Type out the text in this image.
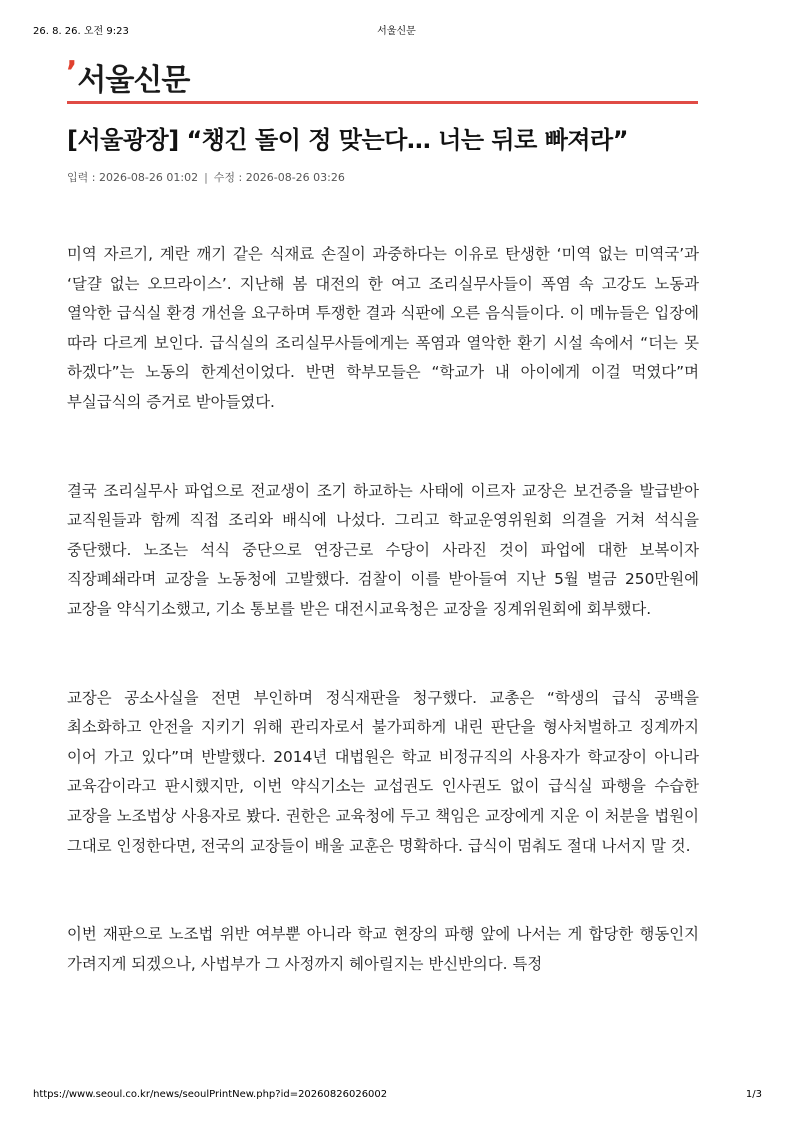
26. 8. 26. 오전 9:23	서울신문
’서울신문
[서울광장] “챙긴 돌이 정 맞는다… 너는 뒤로 빠져라”
입력 : 2026-08-26 01:02 | 수정 : 2026-08-26 03:26

미역 자르기, 계란 깨기 같은 식재료 손질이 과중하다는 이유로 탄생한 ‘미역 없는 미역국’과 ‘달걀 없는 오므라이스’. 지난해 봄 대전의 한 여고 조리실무사들이 폭염 속 고강도 노동과 열악한 급식실 환경 개선을 요구하며 투쟁한 결과 식판에 오른 음식들이다. 이 메뉴들은 입장에 따라 다르게 보인다. 급식실의 조리실무사들에게는 폭염과 열악한 환기 시설 속에서 “더는 못 하겠다”는 노동의 한계선이었다. 반면 학부모들은 “학교가 내 아이에게 이걸 먹였다”며 부실급식의 증거로 받아들였다.

결국 조리실무사 파업으로 전교생이 조기 하교하는 사태에 이르자 교장은 보건증을 발급받아 교직원들과 함께 직접 조리와 배식에 나섰다. 그리고 학교운영위원회 의결을 거쳐 석식을 중단했다. 노조는 석식 중단으로 연장근로 수당이 사라진 것이 파업에 대한 보복이자 직장폐쇄라며 교장을 노동청에 고발했다. 검찰이 이를 받아들여 지난 5월 벌금 250만원에 교장을 약식기소했고, 기소 통보를 받은 대전시교육청은 교장을 징계위원회에 회부했다.

교장은 공소사실을 전면 부인하며 정식재판을 청구했다. 교총은 “학생의 급식 공백을 최소화하고 안전을 지키기 위해 관리자로서 불가피하게 내린 판단을 형사처벌하고 징계까지 이어 가고 있다”며 반발했다. 2014년 대법원은 학교 비정규직의 사용자가 학교장이 아니라 교육감이라고 판시했지만, 이번 약식기소는 교섭권도 인사권도 없이 급식실 파행을 수습한 교장을 노조법상 사용자로 봤다. 권한은 교육청에 두고 책임은 교장에게 지운 이 처분을 법원이 그대로 인정한다면, 전국의 교장들이 배울 교훈은 명확하다. 급식이 멈춰도 절대 나서지 말 것.

이번 재판으로 노조법 위반 여부뿐 아니라 학교 현장의 파행 앞에 나서는 게 합당한 행동인지 가려지게 되겠으나, 사법부가 그 사정까지 헤아릴지는 반신반의다. 특정

https://www.seoul.co.kr/news/seoulPrintNew.php?id=20260826026002	1/3
